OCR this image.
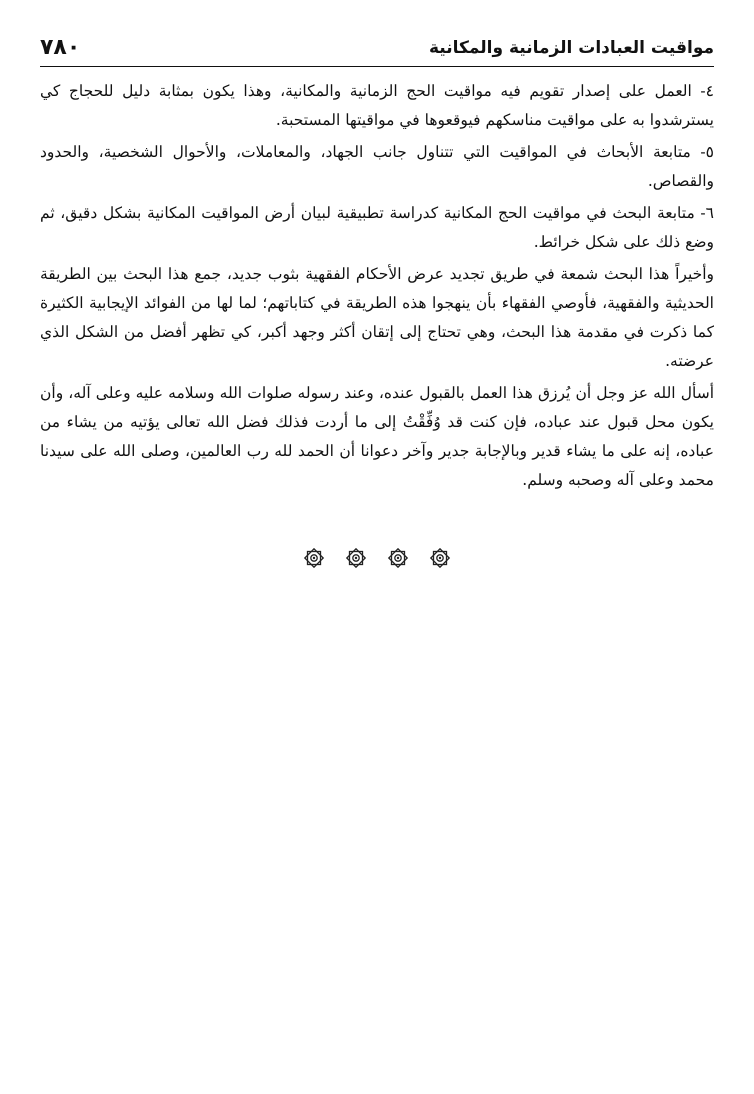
مواقيت العبادات الزمانية والمكانية
٧٨٠

٤- العمل على إصدار تقويم فيه مواقيت الحج الزمانية والمكانية، وهذا يكون بمثابة دليل للحجاج كي يسترشدوا به على مواقيت مناسكهم فيوقعوها في مواقيتها المستحبة.

٥- متابعة الأبحاث في المواقيت التي تتناول جانب الجهاد، والمعاملات، والأحوال الشخصية، والحدود والقصاص.

٦- متابعة البحث في مواقيت الحج المكانية كدراسة تطبيقية لبيان أرض المواقيت المكانية بشكل دقيق، ثم وضع ذلك على شكل خرائط.

وأخيراً هذا البحث شمعة في طريق تجديد عرض الأحكام الفقهية بثوب جديد، جمع هذا البحث بين الطريقة الحديثية والفقهية، فأوصي الفقهاء بأن ينهجوا هذه الطريقة في كتاباتهم؛ لما لها من الفوائد الإيجابية الكثيرة كما ذكرت في مقدمة هذا البحث، وهي تحتاج إلى إتقان أكثر وجهد أكبر، كي تظهر أفضل من الشكل الذي عرضته.

أسأل الله عز وجل أن يُرزق هذا العمل بالقبول عنده، وعند رسوله صلوات الله وسلامه عليه وعلى آله، وأن يكون محل قبول عند عباده، فإن كنت قد وُفِّقْتُ إلى ما أردت فذلك فضل الله تعالى يؤتيه من يشاء من عباده، إنه على ما يشاء قدير وبالإجابة جدير وآخر دعوانا أن الحمد لله رب العالمين، وصلى الله على سيدنا محمد وعلى آله وصحبه وسلم.
